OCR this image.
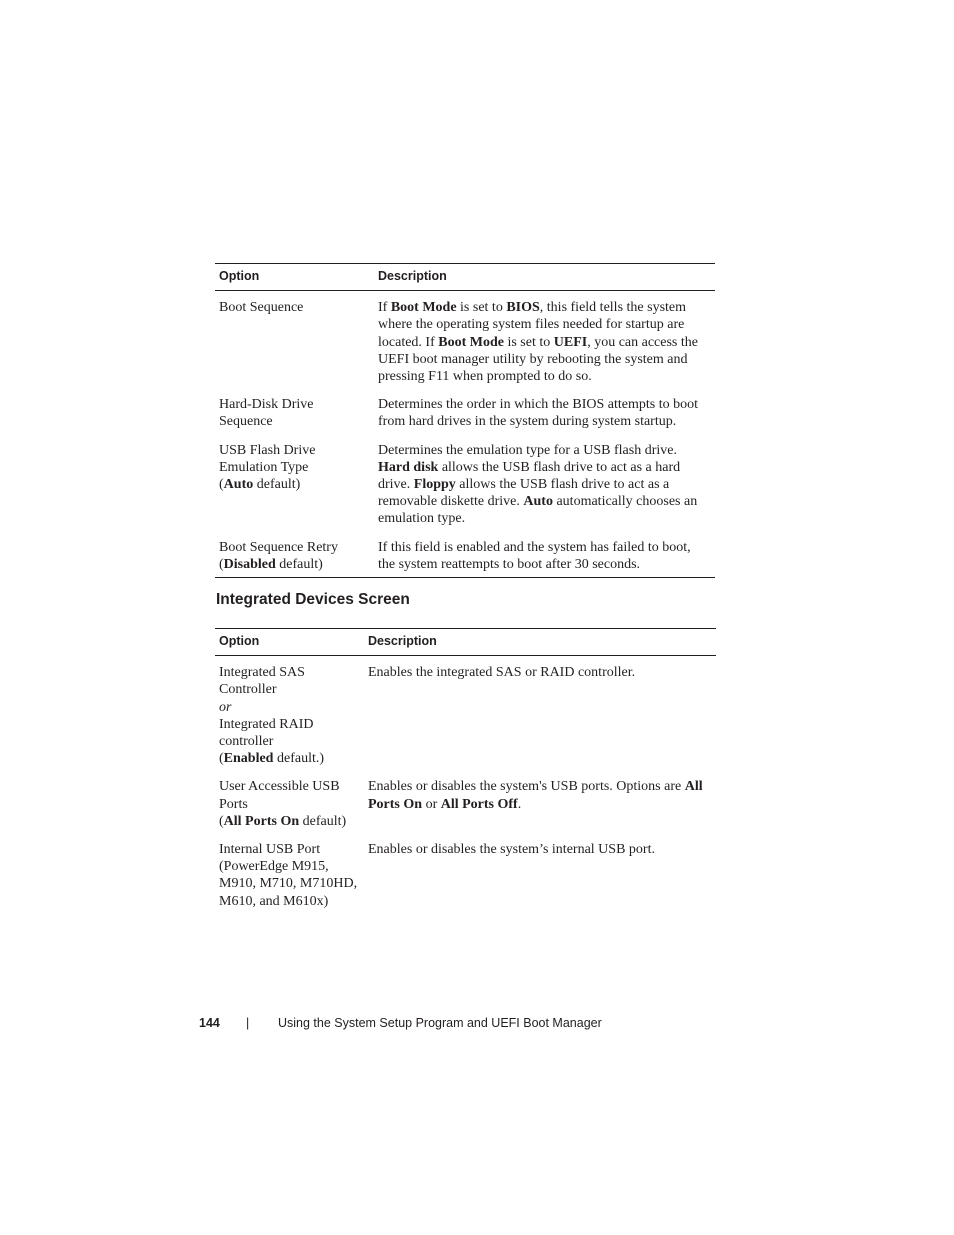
Option	Description
Boot Sequence	If Boot Mode is set to BIOS, this field tells the system where the operating system files needed for startup are located. If Boot Mode is set to UEFI, you can access the UEFI boot manager utility by rebooting the system and pressing F11 when prompted to do so.
Hard-Disk Drive Sequence	Determines the order in which the BIOS attempts to boot from hard drives in the system during system startup.

USB Flash Drive Emulation Type
(Auto default)	Determines the emulation type for a USB flash drive. Hard disk allows the USB flash drive to act as a hard drive. Floppy allows the USB flash drive to act as a removable diskette drive. Auto automatically chooses an emulation type.

Boot Sequence Retry
(Disabled default)	If this field is enabled and the system has failed to boot, the system reattempts to boot after 30 seconds.
Integrated Devices Screen
Option	Description

Integrated SAS Controller
or
Integrated RAID controller
(Enabled default.)	Enables the integrated SAS or RAID controller.

User Accessible USB Ports
(All Ports On default)	Enables or disables the system's USB ports. Options are All Ports On or All Ports Off.
Internal USB Port (PowerEdge M915, M910, M710, M710HD, M610, and M610x)	Enables or disables the system’s internal USB port.
144 | Using the System Setup Program and UEFI Boot Manager
